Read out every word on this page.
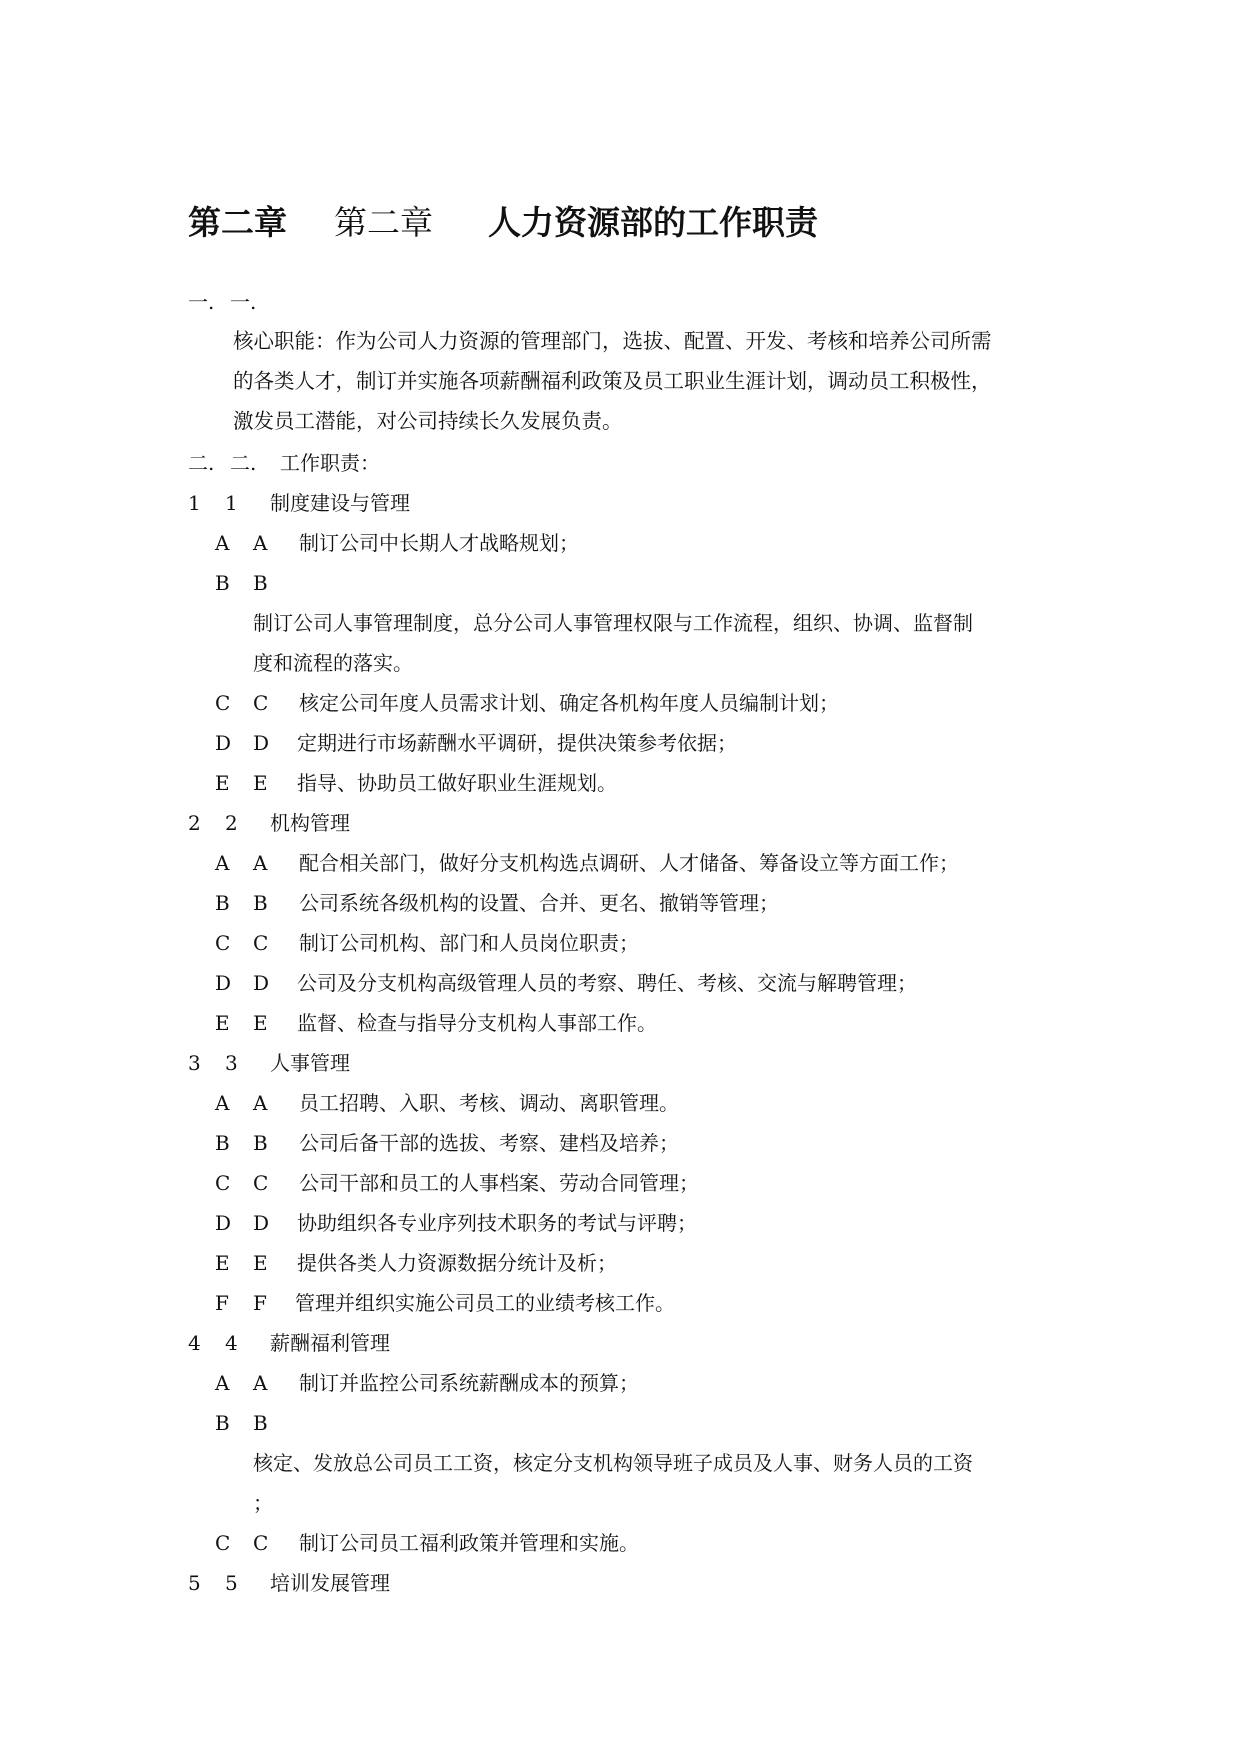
第二章 第二章 人力资源部的工作职责
一. 一.

核心职能：作为公司人力资源的管理部门，选拔、配置、开发、考核和培养公司所需

的各类人才，制订并实施各项薪酬福利政策及员工职业生涯计划，调动员工积极性，

激发员工潜能，对公司持续长久发展负责。

二. 二. 工作职责：
1 1 制度建设与管理
A A 制订公司中长期人才战略规划；
B B
制订公司人事管理制度，总分公司人事管理权限与工作流程，组织、协调、监督制
度和流程的落实。
C C 核定公司年度人员需求计划、确定各机构年度人员编制计划；
D D 定期进行市场薪酬水平调研，提供决策参考依据；
E E 指导、协助员工做好职业生涯规划。
2 2 机构管理
A A 配合相关部门，做好分支机构选点调研、人才储备、筹备设立等方面工作；
B B 公司系统各级机构的设置、合并、更名、撤销等管理；
C C 制订公司机构、部门和人员岗位职责；
D D 公司及分支机构高级管理人员的考察、聘任、考核、交流与解聘管理；
E E 监督、检查与指导分支机构人事部工作。
3 3 人事管理
A A 员工招聘、入职、考核、调动、离职管理。
B B 公司后备干部的选拔、考察、建档及培养；
C C 公司干部和员工的人事档案、劳动合同管理；
D D 协助组织各专业序列技术职务的考试与评聘；
E E 提供各类人力资源数据分统计及析；
F F 管理并组织实施公司员工的业绩考核工作。
4 4 薪酬福利管理
A A 制订并监控公司系统薪酬成本的预算；
B B
核定、发放总公司员工工资，核定分支机构领导班子成员及人事、财务人员的工资
；
C C 制订公司员工福利政策并管理和实施。
5 5 培训发展管理
